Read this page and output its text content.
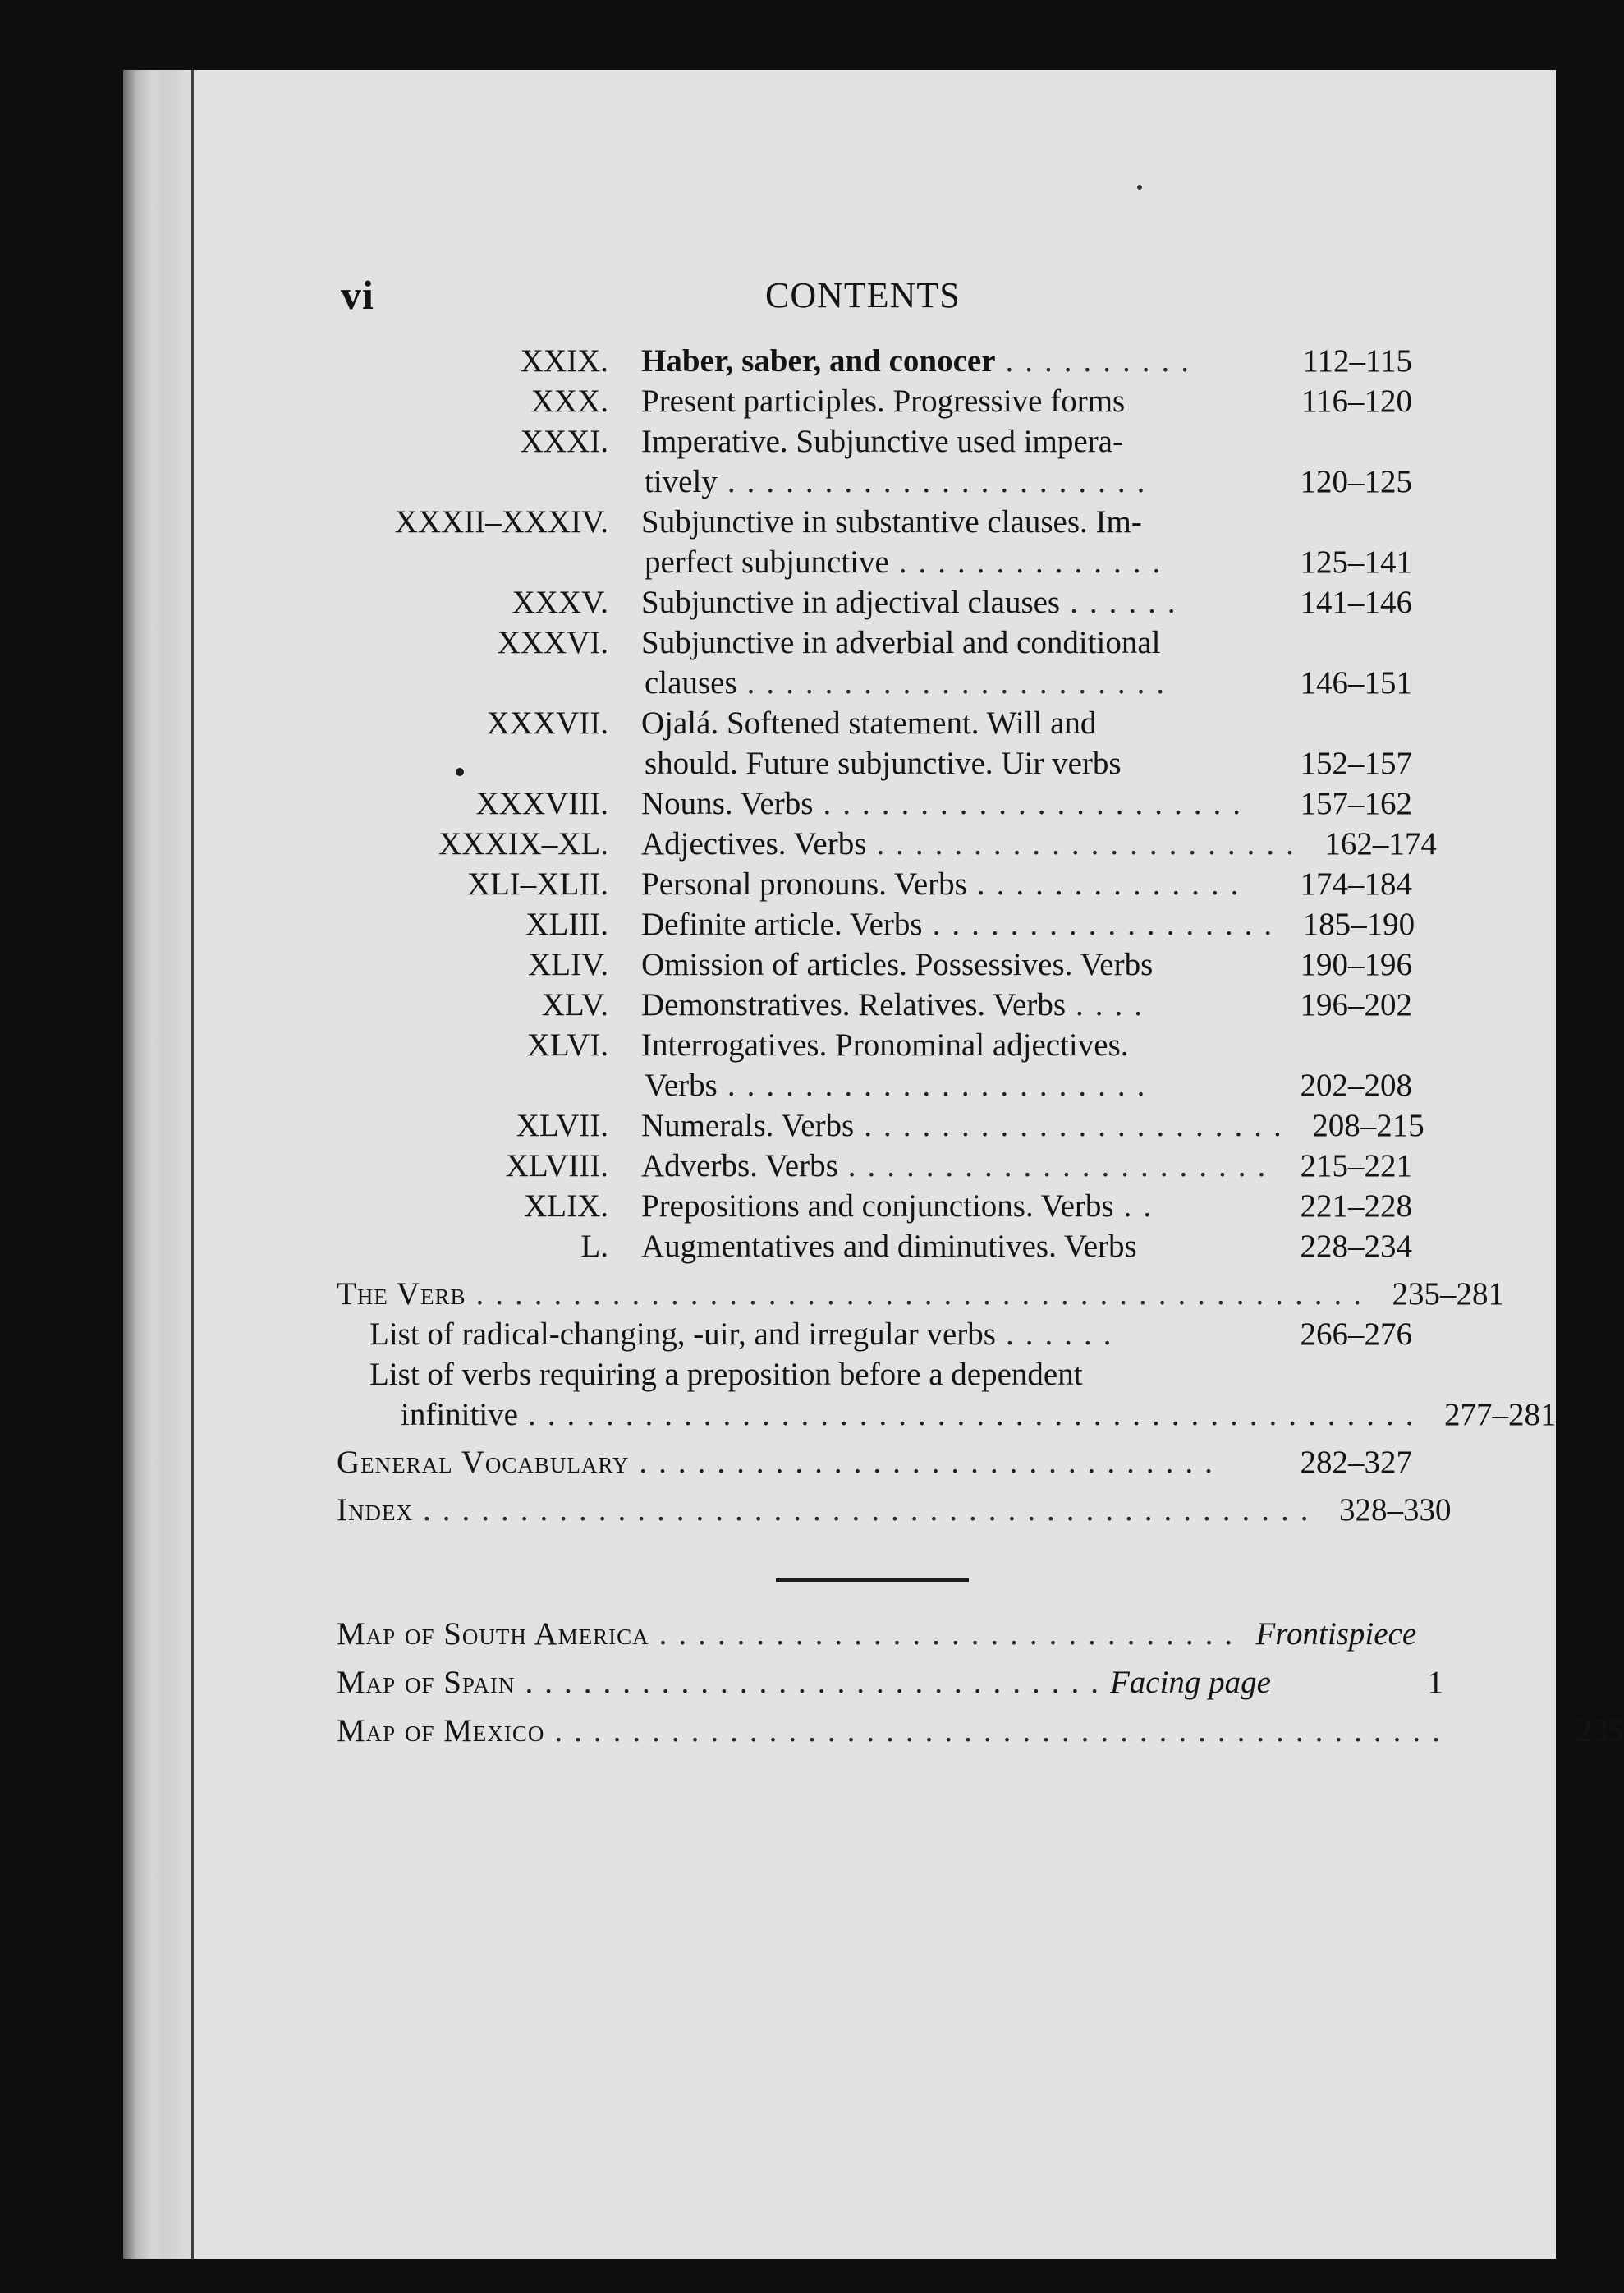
vi	CONTENTS
XXIX. Haber, saber, and conocer ..........	112–115
XXX. Present participles. Progressive forms	116–120
XXXI. Imperative. Subjunctive used impera-
tively ......................	120–125
XXXII–XXXIV. Subjunctive in substantive clauses. Im-
perfect subjunctive ..............	125–141
XXXV. Subjunctive in adjectival clauses ......	141–146
XXXVI. Subjunctive in adverbial and conditional
clauses ......................	146–151
XXXVII. Ojalá. Softened statement. Will and
should. Future subjunctive. Uir verbs	152–157
XXXVIII. Nouns. Verbs ......................	157–162
XXXIX–XL. Adjectives. Verbs ...................... 162–174
XLI–XLII. Personal pronouns. Verbs ..............	174–184
XLIII. Definite article. Verbs .................. 185–190
XLIV. Omission of articles. Possessives. Verbs	190–196
XLV. Demonstratives. Relatives. Verbs ....	196–202
XLVI. Interrogatives. Pronominal adjectives.
Verbs ......................	202–208
XLVII. Numerals. Verbs ...................... 208–215
XLVIII. Adverbs. Verbs ...................... 215–221
XLIX. Prepositions and conjunctions. Verbs ..	221–228
L. Augmentatives and diminutives. Verbs	228–234
The Verb .............................................. 235–281
List of radical-changing, -uir, and irregular verbs ......	266–276
List of verbs requiring a preposition before a dependent
infinitive .............................................. 277–281
General Vocabulary ..............................	282–327
Index .............................................. 328–330
Map of South America .............................. Frontispiece
Map of Spain .............................. Facing page	1
Map of Mexico ..............................................	235
